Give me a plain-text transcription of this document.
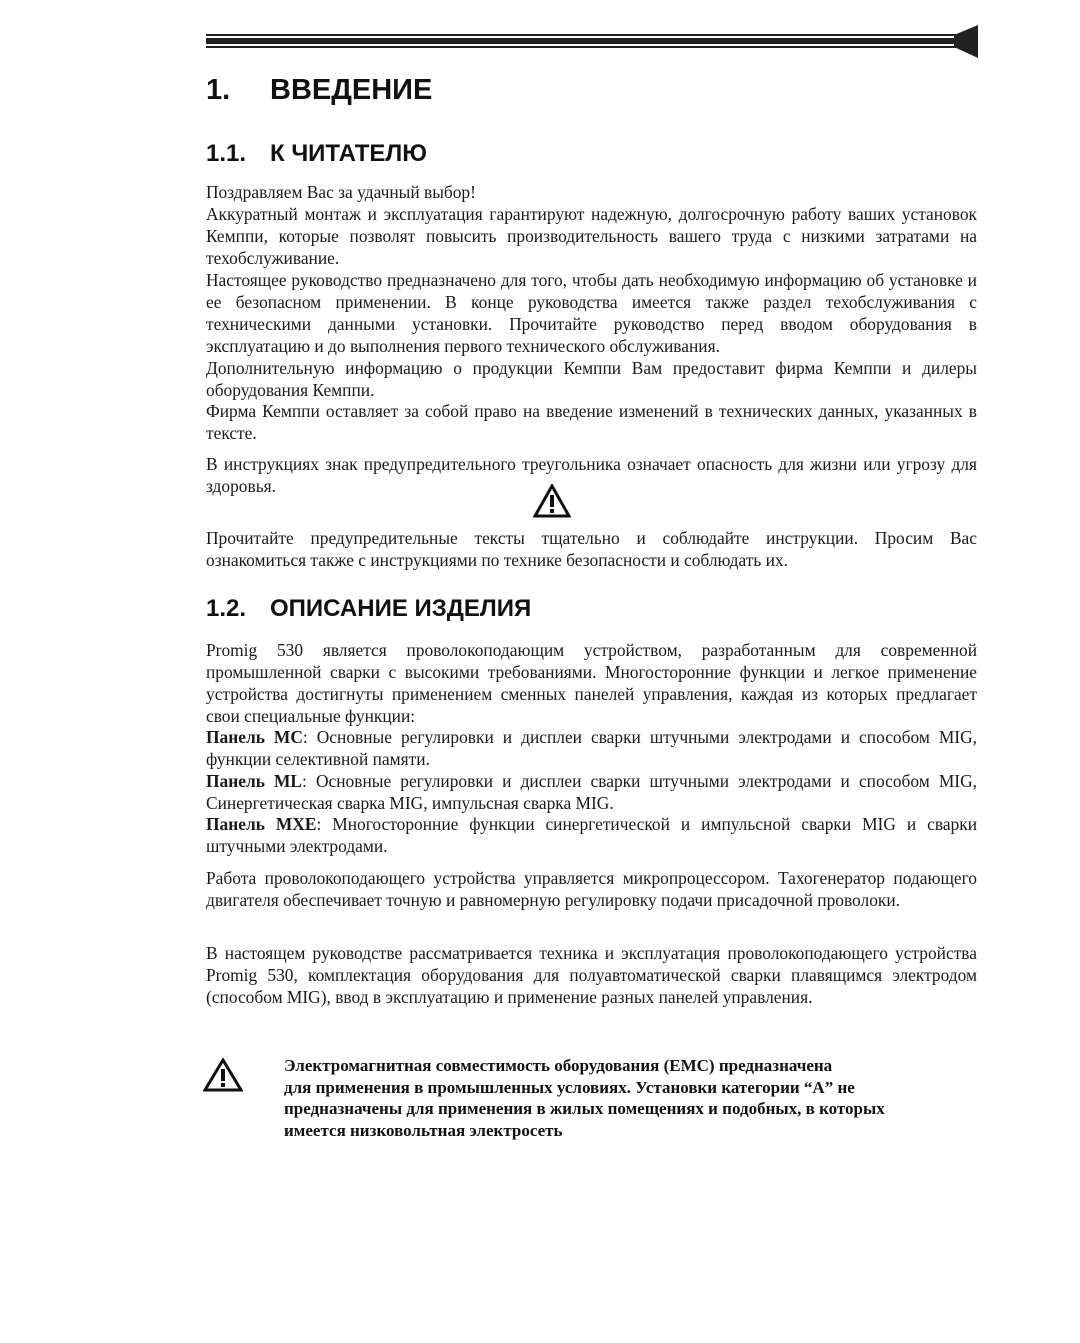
1. ВВЕДЕНИЕ
1.1. К ЧИТАТЕЛЮ

Поздравляем Вас за удачный выбор!

Аккуратный монтаж и эксплуатация гарантируют надежную, долгосрочную работу ваших установок Кемппи, которые позволят повысить производительность вашего труда с низкими затратами на техобслуживание.

Настоящее руководство предназначено для того, чтобы дать необходимую информацию об установке и ее безопасном применении. В конце руководства имеется также раздел техобслуживания с техническими данными установки. Прочитайте руководство перед вводом оборудования в эксплуатацию и до выполнения первого технического обслуживания.

Дополнительную информацию о продукции Кемппи Вам предоставит фирма Кемппи и дилеры оборудования Кемппи.

Фирма Кемппи оставляет за собой право на введение изменений в технических данных, указанных в тексте.

В инструкциях знак предупредительного треугольника означает опасность для жизни или угрозу для здоровья.

Прочитайте предупредительные тексты тщательно и соблюдайте инструкции. Просим Вас ознакомиться также с инструкциями по технике безопасности и соблюдать их.

1.2. ОПИСАНИЕ ИЗДЕЛИЯ

Promig 530 является проволокоподающим устройством, разработанным для современной промышленной сварки с высокими требованиями. Многосторонние функции и легкое применение устройства достигнуты применением сменных панелей управления, каждая из которых предлагает свои специальные функции:

Панель МС: Основные регулировки и дисплеи сварки штучными электродами и способом MIG, функции селективной памяти.

Панель ML: Основные регулировки и дисплеи сварки штучными электродами и способом MIG, Синергетическая сварка MIG, импульсная сварка MIG.

Панель МХЕ: Многосторонние функции синергетической и импульсной сварки MIG и сварки штучными электродами.

Работа проволокоподающего устройства управляется микропроцессором. Тахогенератор подающего двигателя обеспечивает точную и равномерную регулировку подачи присадочной проволоки.

В настоящем руководстве рассматривается техника и эксплуатация проволокоподающего устройства Promig 530, комплектация оборудования для полуавтоматической сварки плавящимся электродом (способом MIG), ввод в эксплуатацию и применение разных панелей управления.

Электромагнитная совместимость оборудования (ЕМС) предназначена
для применения в промышленных условиях. Установки категории “А” не
предназначены для применения в жилых помещениях и подобных, в которых
имеется низковольтная электросеть
